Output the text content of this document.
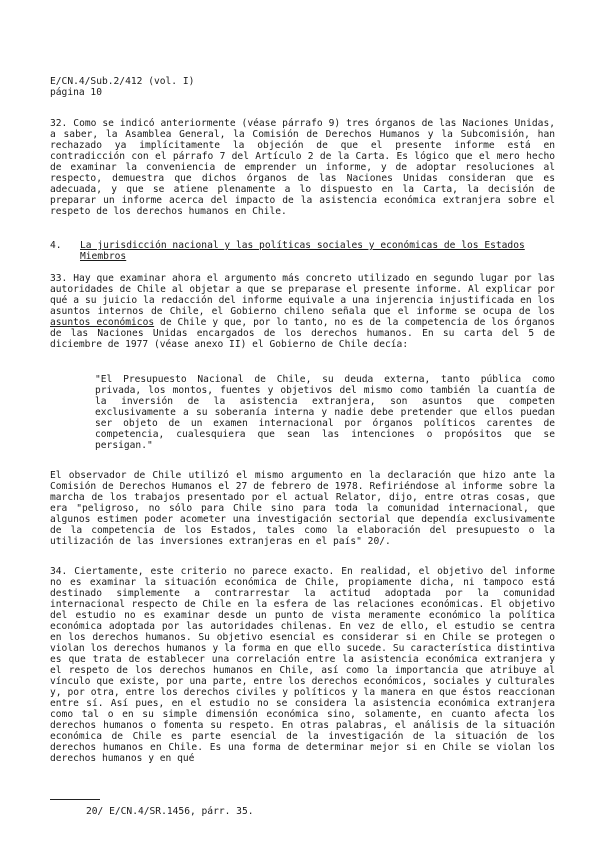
E/CN.4/Sub.2/412 (vol. I)
página 10
32. Como se indicó anteriormente (véase párrafo 9) tres órganos de las Naciones Unidas, a saber, la Asamblea General, la Comisión de Derechos Humanos y la Subcomisión, han rechazado ya implícitamente la objeción de que el presente informe está en contradicción con el párrafo 7 del Artículo 2 de la Carta. Es lógico que el mero hecho de examinar la conveniencia de emprender un informe, y de adoptar resoluciones al respecto, demuestra que dichos órganos de las Naciones Unidas consideran que es adecuada, y que se atiene plenamente a lo dispuesto en la Carta, la decisión de preparar un informe acerca del impacto de la asistencia económica extranjera sobre el respeto de los derechos humanos en Chile.
4. La jurisdicción nacional y las políticas sociales y económicas de los Estados Miembros
33. Hay que examinar ahora el argumento más concreto utilizado en segundo lugar por las autoridades de Chile al objetar a que se preparase el presente informe. Al explicar por qué a su juicio la redacción del informe equivale a una injerencia injustificada en los asuntos internos de Chile, el Gobierno chileno señala que el informe se ocupa de los asuntos económicos de Chile y que, por lo tanto, no es de la competencia de los órganos de las Naciones Unidas encargados de los derechos humanos. En su carta del 5 de diciembre de 1977 (véase anexo II) el Gobierno de Chile decía:
"El Presupuesto Nacional de Chile, su deuda externa, tanto pública como privada, los montos, fuentes y objetivos del mismo como también la cuantía de la inversión de la asistencia extranjera, son asuntos que competen exclusivamente a su soberanía interna y nadie debe pretender que ellos puedan ser objeto de un examen internacional por órganos políticos carentes de competencia, cualesquiera que sean las intenciones o propósitos que se persigan."
El observador de Chile utilizó el mismo argumento en la declaración que hizo ante la Comisión de Derechos Humanos el 27 de febrero de 1978. Refiriéndose al informe sobre la marcha de los trabajos presentado por el actual Relator, dijo, entre otras cosas, que era "peligroso, no sólo para Chile sino para toda la comunidad internacional, que algunos estimen poder acometer una investigación sectorial que dependía exclusivamente de la competencia de los Estados, tales como la elaboración del presupuesto o la utilización de las inversiones extranjeras en el país" 20/.
34. Ciertamente, este criterio no parece exacto. En realidad, el objetivo del informe no es examinar la situación económica de Chile, propiamente dicha, ni tampoco está destinado simplemente a contrarrestar la actitud adoptada por la comunidad internacional respecto de Chile en la esfera de las relaciones económicas. El objetivo del estudio no es examinar desde un punto de vista meramente económico la política económica adoptada por las autoridades chilenas. En vez de ello, el estudio se centra en los derechos humanos. Su objetivo esencial es considerar si en Chile se protegen o violan los derechos humanos y la forma en que ello sucede. Su característica distintiva es que trata de establecer una correlación entre la asistencia económica extranjera y el respeto de los derechos humanos en Chile, así como la importancia que atribuye al vínculo que existe, por una parte, entre los derechos económicos, sociales y culturales y, por otra, entre los derechos civiles y políticos y la manera en que éstos reaccionan entre sí. Así pues, en el estudio no se considera la asistencia económica extranjera como tal o en su simple dimensión económica sino, solamente, en cuanto afecta los derechos humanos o fomenta su respeto. En otras palabras, el análisis de la situación económica de Chile es parte esencial de la investigación de la situación de los derechos humanos en Chile. Es una forma de determinar mejor si en Chile se violan los derechos humanos y en qué
20/ E/CN.4/SR.1456, párr. 35.
